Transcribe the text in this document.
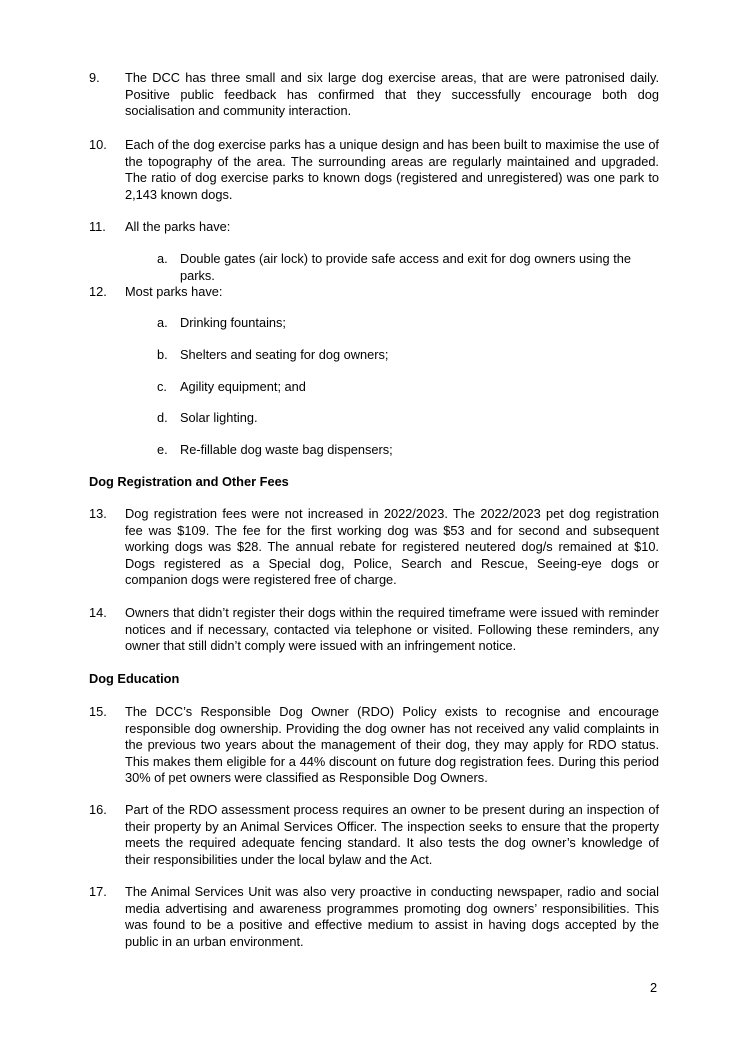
9.	The DCC has three small and six large dog exercise areas, that are were patronised daily. Positive public feedback has confirmed that they successfully encourage both dog socialisation and community interaction.
10.	Each of the dog exercise parks has a unique design and has been built to maximise the use of the topography of the area. The surrounding areas are regularly maintained and upgraded. The ratio of dog exercise parks to known dogs (registered and unregistered) was one park to 2,143 known dogs.
11.	All the parks have:
a. Double gates (air lock) to provide safe access and exit for dog owners using the parks.
12.	Most parks have:
a. Drinking fountains;
b. Shelters and seating for dog owners;
c.	Agility equipment; and
d. Solar lighting.
e. Re-fillable dog waste bag dispensers;
Dog Registration and Other Fees
13.	Dog registration fees were not increased in 2022/2023. The 2022/2023 pet dog registration fee was $109. The fee for the first working dog was $53 and for second and subsequent working dogs was $28. The annual rebate for registered neutered dog/s remained at $10. Dogs registered as a Special dog, Police, Search and Rescue, Seeing-eye dogs or companion dogs were registered free of charge.
14.	Owners that didn’t register their dogs within the required timeframe were issued with reminder notices and if necessary, contacted via telephone or visited. Following these reminders, any owner that still didn’t comply were issued with an infringement notice.
Dog Education
15.	The DCC’s Responsible Dog Owner (RDO) Policy exists to recognise and encourage responsible dog ownership. Providing the dog owner has not received any valid complaints in the previous two years about the management of their dog, they may apply for RDO status. This makes them eligible for a 44% discount on future dog registration fees. During this period 30% of pet owners were classified as Responsible Dog Owners.
16.	Part of the RDO assessment process requires an owner to be present during an inspection of their property by an Animal Services Officer. The inspection seeks to ensure that the property meets the required adequate fencing standard. It also tests the dog owner’s knowledge of their responsibilities under the local bylaw and the Act.
17.	The Animal Services Unit was also very proactive in conducting newspaper, radio and social media advertising and awareness programmes promoting dog owners’ responsibilities. This was found to be a positive and effective medium to assist in having dogs accepted by the public in an urban environment.
2
